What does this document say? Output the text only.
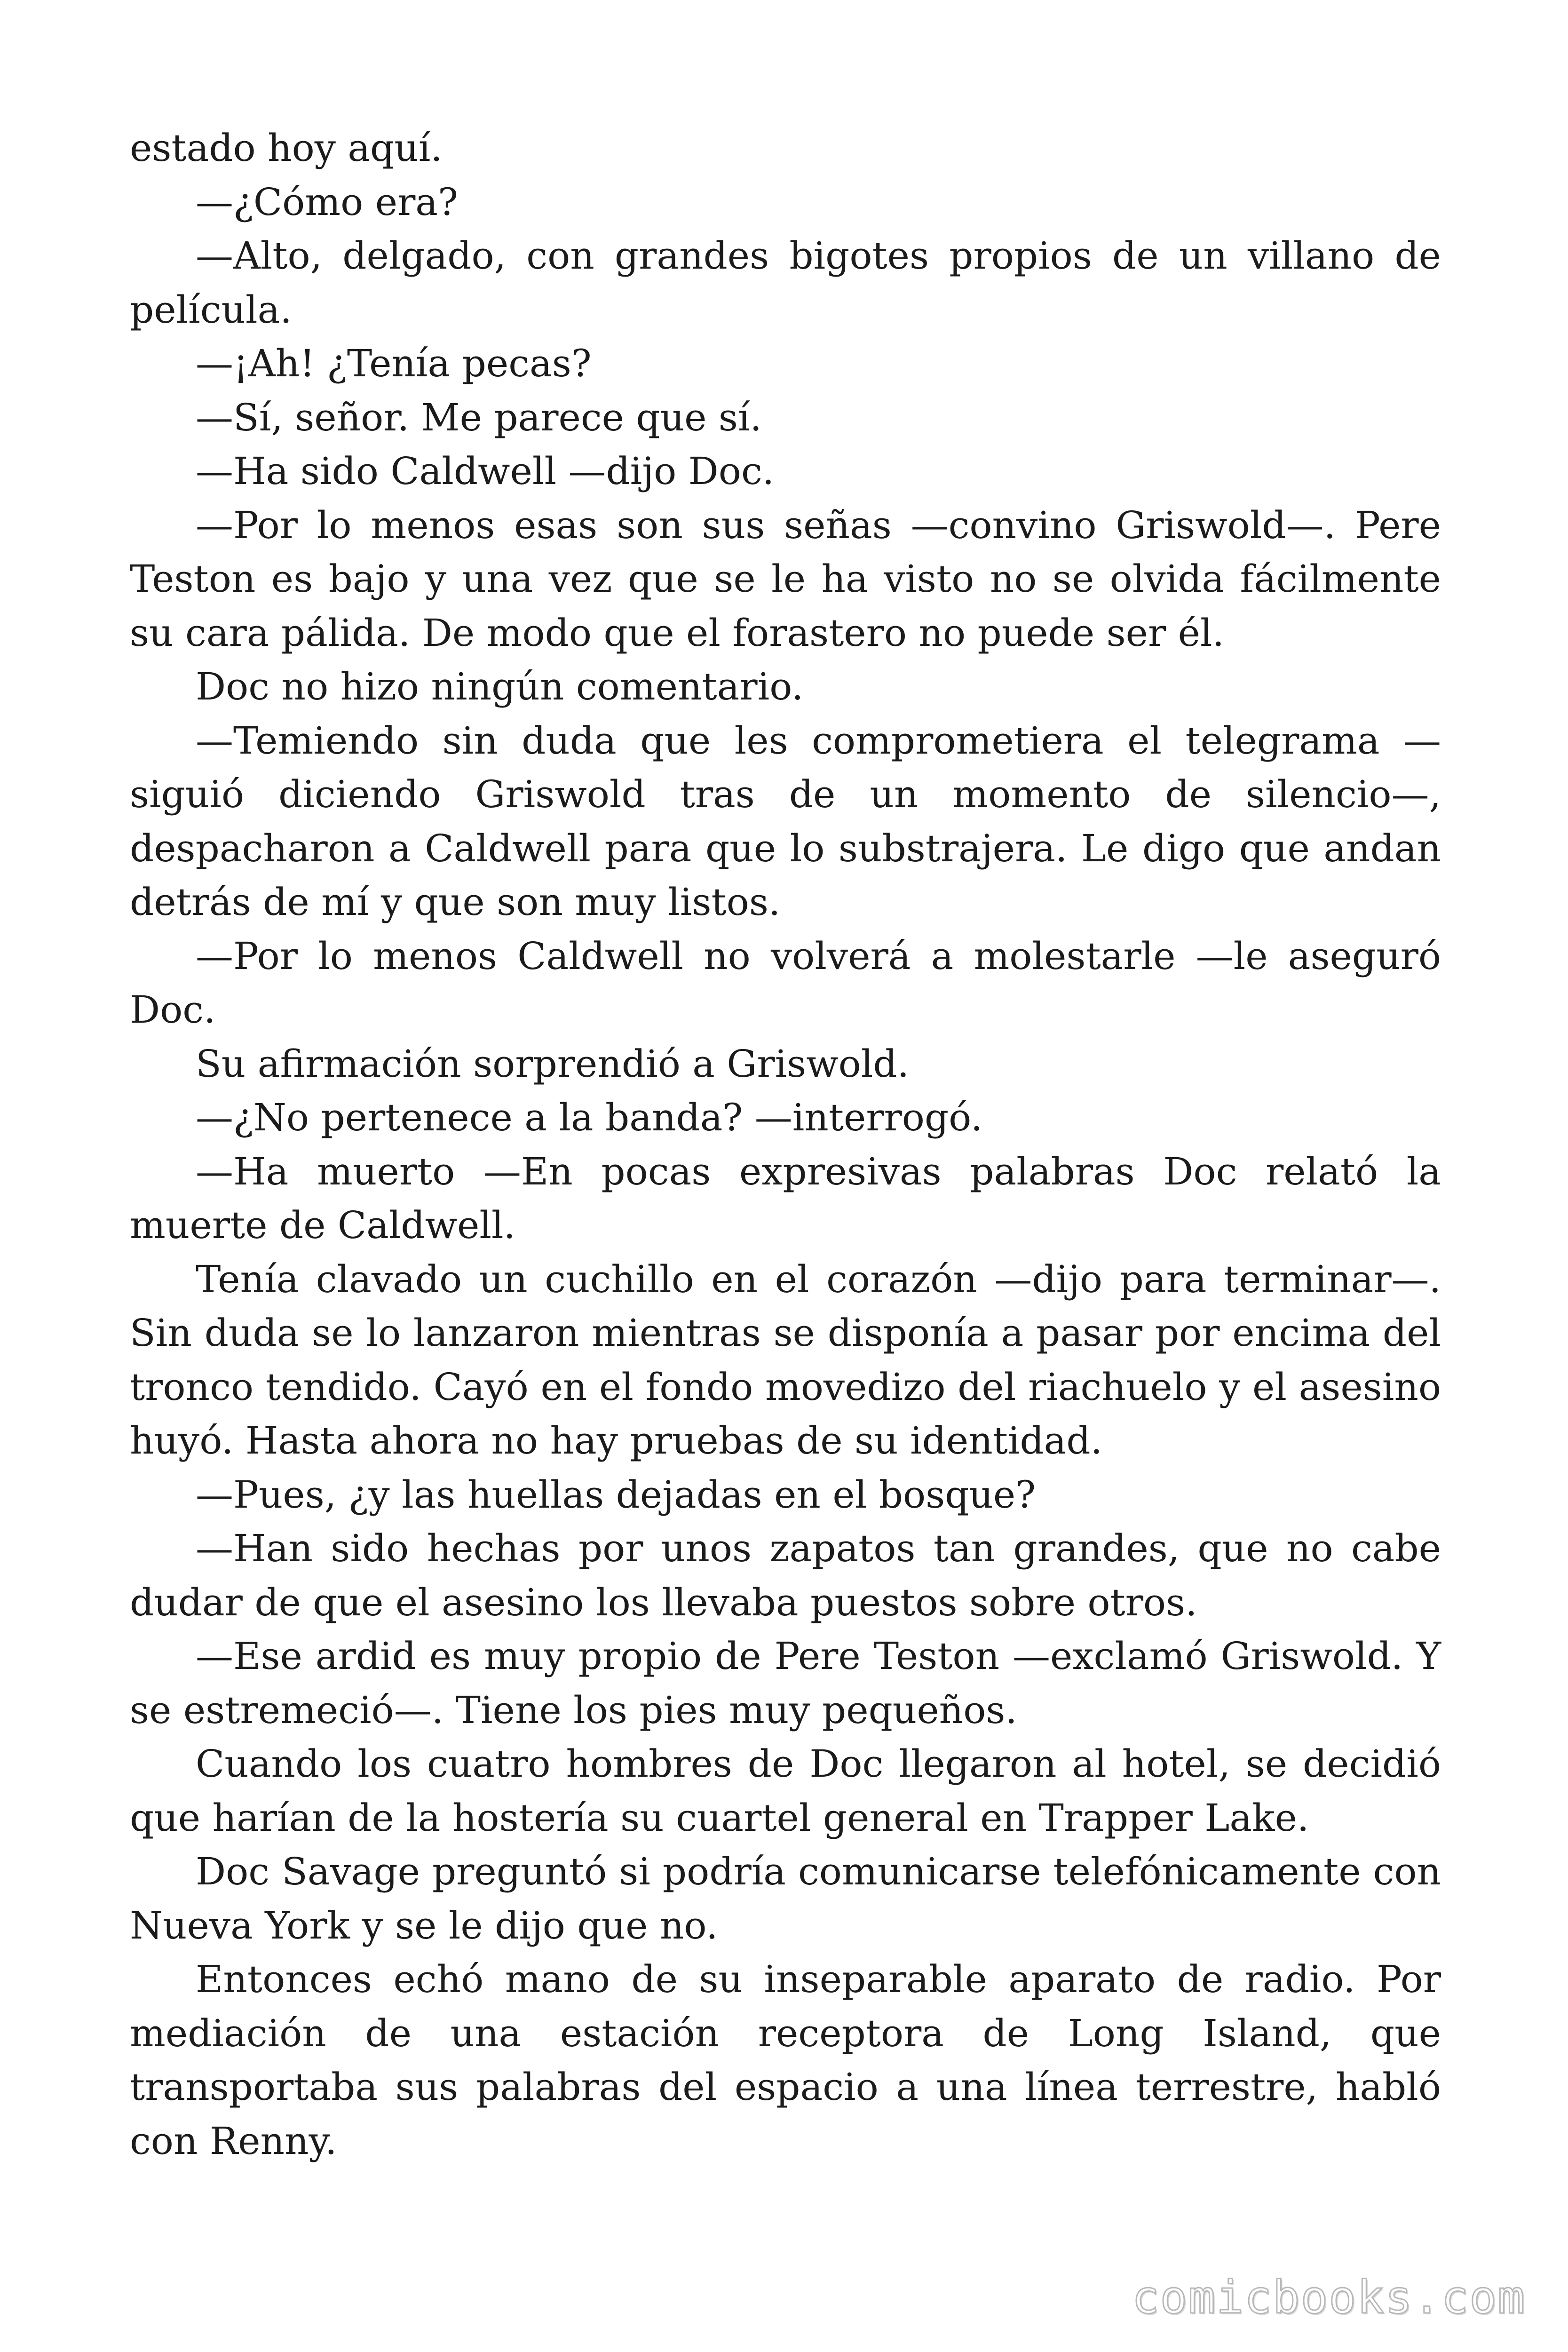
estado hoy aquí.

—¿Cómo era?

—Alto, delgado, con grandes bigotes propios de un villano de película.

—¡Ah! ¿Tenía pecas?

—Sí, señor. Me parece que sí.

—Ha sido Caldwell —dijo Doc.

—Por lo menos esas son sus señas —convino Griswold—. Pere Teston es bajo y una vez que se le ha visto no se olvida fácilmente su cara pálida. De modo que el forastero no puede ser él.

Doc no hizo ningún comentario.

—Temiendo sin duda que les comprometiera el telegrama —siguió diciendo Griswold tras de un momento de silencio—, despacharon a Caldwell para que lo substrajera. Le digo que andan detrás de mí y que son muy listos.

—Por lo menos Caldwell no volverá a molestarle —le aseguró Doc.

Su afirmación sorprendió a Griswold.

—¿No pertenece a la banda? —interrogó.

—Ha muerto —En pocas expresivas palabras Doc relató la muerte de Caldwell.

Tenía clavado un cuchillo en el corazón —dijo para terminar—. Sin duda se lo lanzaron mientras se disponía a pasar por encima del tronco tendido. Cayó en el fondo movedizo del riachuelo y el asesino huyó. Hasta ahora no hay pruebas de su identidad.

—Pues, ¿y las huellas dejadas en el bosque?

—Han sido hechas por unos zapatos tan grandes, que no cabe dudar de que el asesino los llevaba puestos sobre otros.

—Ese ardid es muy propio de Pere Teston —exclamó Griswold. Y se estremeció—. Tiene los pies muy pequeños.

Cuando los cuatro hombres de Doc llegaron al hotel, se decidió que harían de la hostería su cuartel general en Trapper Lake.

Doc Savage preguntó si podría comunicarse telefónicamente con Nueva York y se le dijo que no.

Entonces echó mano de su inseparable aparato de radio. Por mediación de una estación receptora de Long Island, que transportaba sus palabras del espacio a una línea terrestre, habló con Renny.

comicbooks.com
